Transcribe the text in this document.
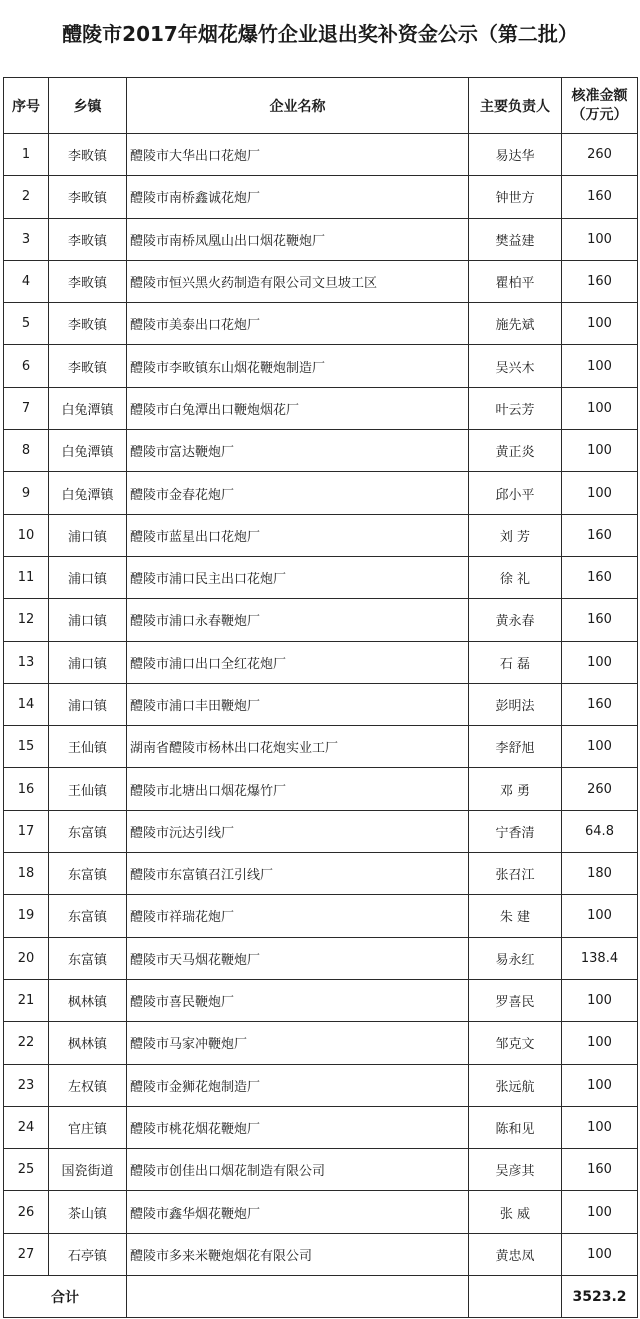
醴陵市2017年烟花爆竹企业退出奖补资金公示（第二批）
序号	乡镇	企业名称	主要负责人	核准金额
（万元）

1	李畋镇	醴陵市大华出口花炮厂	易达华	260
2	李畋镇	醴陵市南桥鑫诚花炮厂	钟世方	160
3	李畋镇	醴陵市南桥凤凰山出口烟花鞭炮厂	樊益建	100
4	李畋镇	醴陵市恒兴黑火药制造有限公司文旦坡工区	瞿柏平	160
5	李畋镇	醴陵市美泰出口花炮厂	施先斌	100
6	李畋镇	醴陵市李畋镇东山烟花鞭炮制造厂	吴兴木	100
7	白兔潭镇	醴陵市白兔潭出口鞭炮烟花厂	叶云芳	100
8	白兔潭镇	醴陵市富达鞭炮厂	黄正炎	100
9	白兔潭镇	醴陵市金春花炮厂	邱小平	100
10	浦口镇	醴陵市蓝星出口花炮厂	刘 芳	160
11	浦口镇	醴陵市浦口民主出口花炮厂	徐 礼	160
12	浦口镇	醴陵市浦口永春鞭炮厂	黄永春	160
13	浦口镇	醴陵市浦口出口全红花炮厂	石 磊	100
14	浦口镇	醴陵市浦口丰田鞭炮厂	彭明法	160
15	王仙镇	湖南省醴陵市杨林出口花炮实业工厂	李舒旭	100
16	王仙镇	醴陵市北塘出口烟花爆竹厂	邓 勇	260
17	东富镇	醴陵市沅达引线厂	宁香清	64.8
18	东富镇	醴陵市东富镇召江引线厂	张召江	180
19	东富镇	醴陵市祥瑞花炮厂	朱 建	100
20	东富镇	醴陵市天马烟花鞭炮厂	易永红	138.4
21	枫林镇	醴陵市喜民鞭炮厂	罗喜民	100
22	枫林镇	醴陵市马家冲鞭炮厂	邹克文	100
23	左权镇	醴陵市金狮花炮制造厂	张远航	100
24	官庄镇	醴陵市桃花烟花鞭炮厂	陈和见	100
25	国瓷街道	醴陵市创佳出口烟花制造有限公司	吴彦其	160
26	茶山镇	醴陵市鑫华烟花鞭炮厂	张 威	100
27	石亭镇	醴陵市多来米鞭炮烟花有限公司	黄忠凤	100
合计				3523.2
